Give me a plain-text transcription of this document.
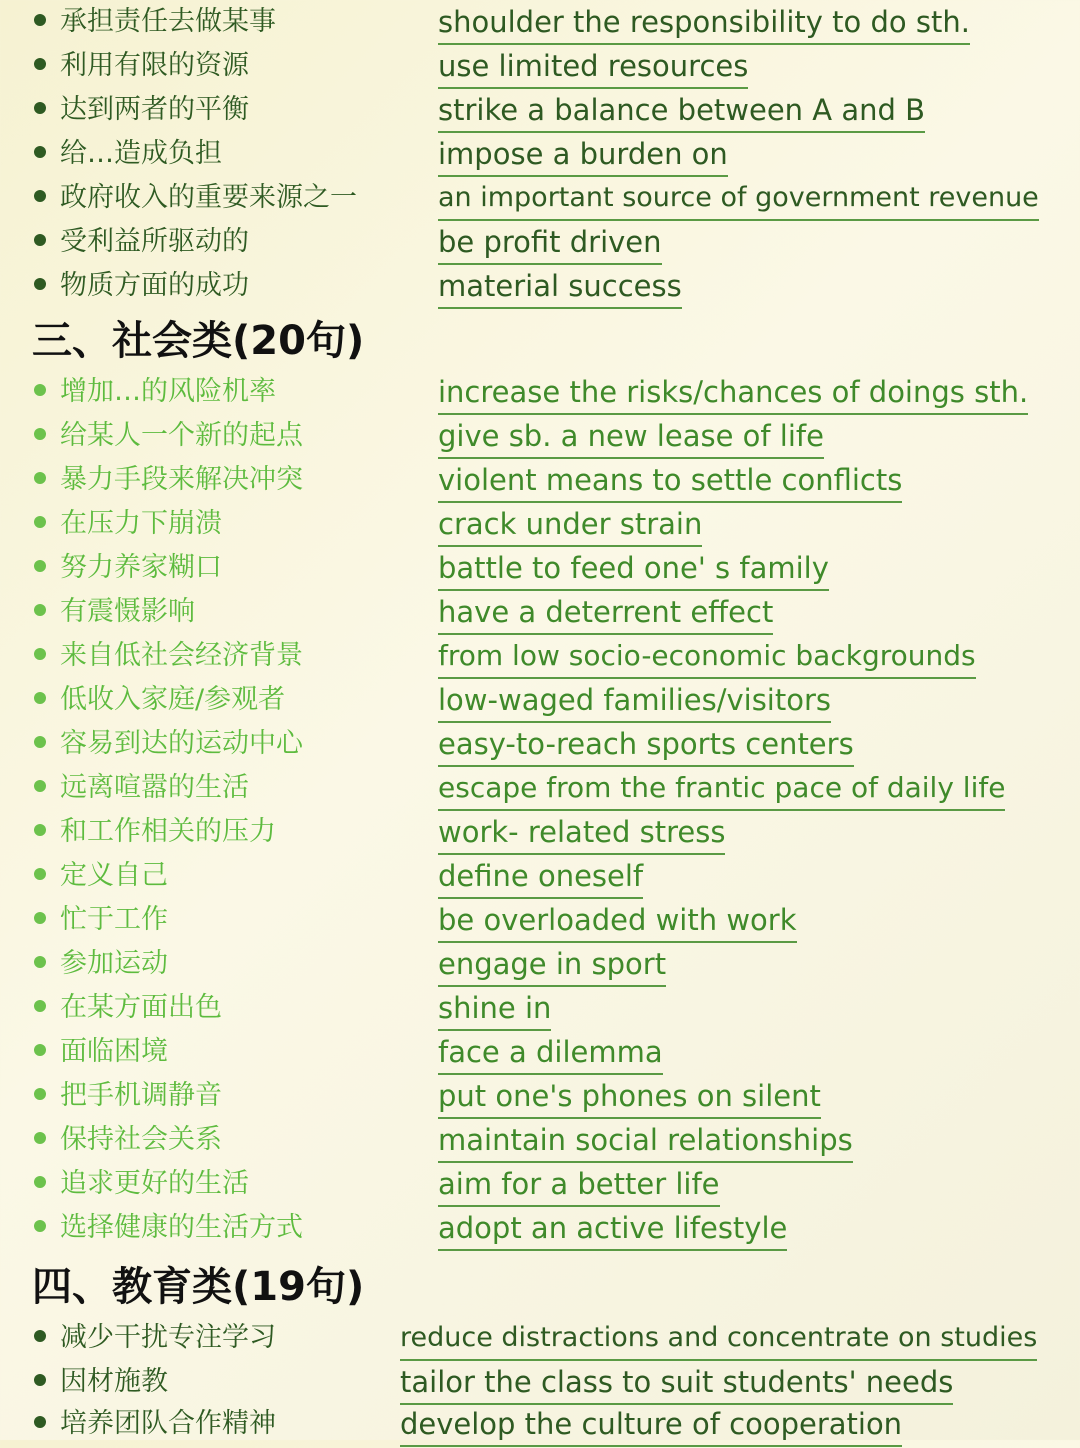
承担责任去做某事	shoulder the responsibility to do sth.
利用有限的资源	use limited resources
达到两者的平衡	strike a balance between A and B
给…造成负担	impose a burden on
政府收入的重要来源之一	an important source of government revenue
受利益所驱动的	be profit driven
物质方面的成功	material success
三、社会类(20句)
增加…的风险机率	increase the risks/chances of doings sth.
给某人一个新的起点	give sb. a new lease of life
暴力手段来解决冲突	violent means to settle conflicts
在压力下崩溃	crack under strain
努力养家糊口	battle to feed one' s family
有震慑影响	have a deterrent effect
来自低社会经济背景	from low socio-economic backgrounds
低收入家庭/参观者	low-waged families/visitors
容易到达的运动中心	easy-to-reach sports centers
远离喧嚣的生活	escape from the frantic pace of daily life
和工作相关的压力	work- related stress
定义自己	define oneself
忙于工作	be overloaded with work
参加运动	engage in sport
在某方面出色	shine in
面临困境	face a dilemma
把手机调静音	put one's phones on silent
保持社会关系	maintain social relationships
追求更好的生活	aim for a better life
选择健康的生活方式	adopt an active lifestyle
四、教育类(19句)
减少干扰专注学习	reduce distractions and concentrate on studies
因材施教	tailor the class to suit students' needs
培养团队合作精神	develop the culture of cooperation
